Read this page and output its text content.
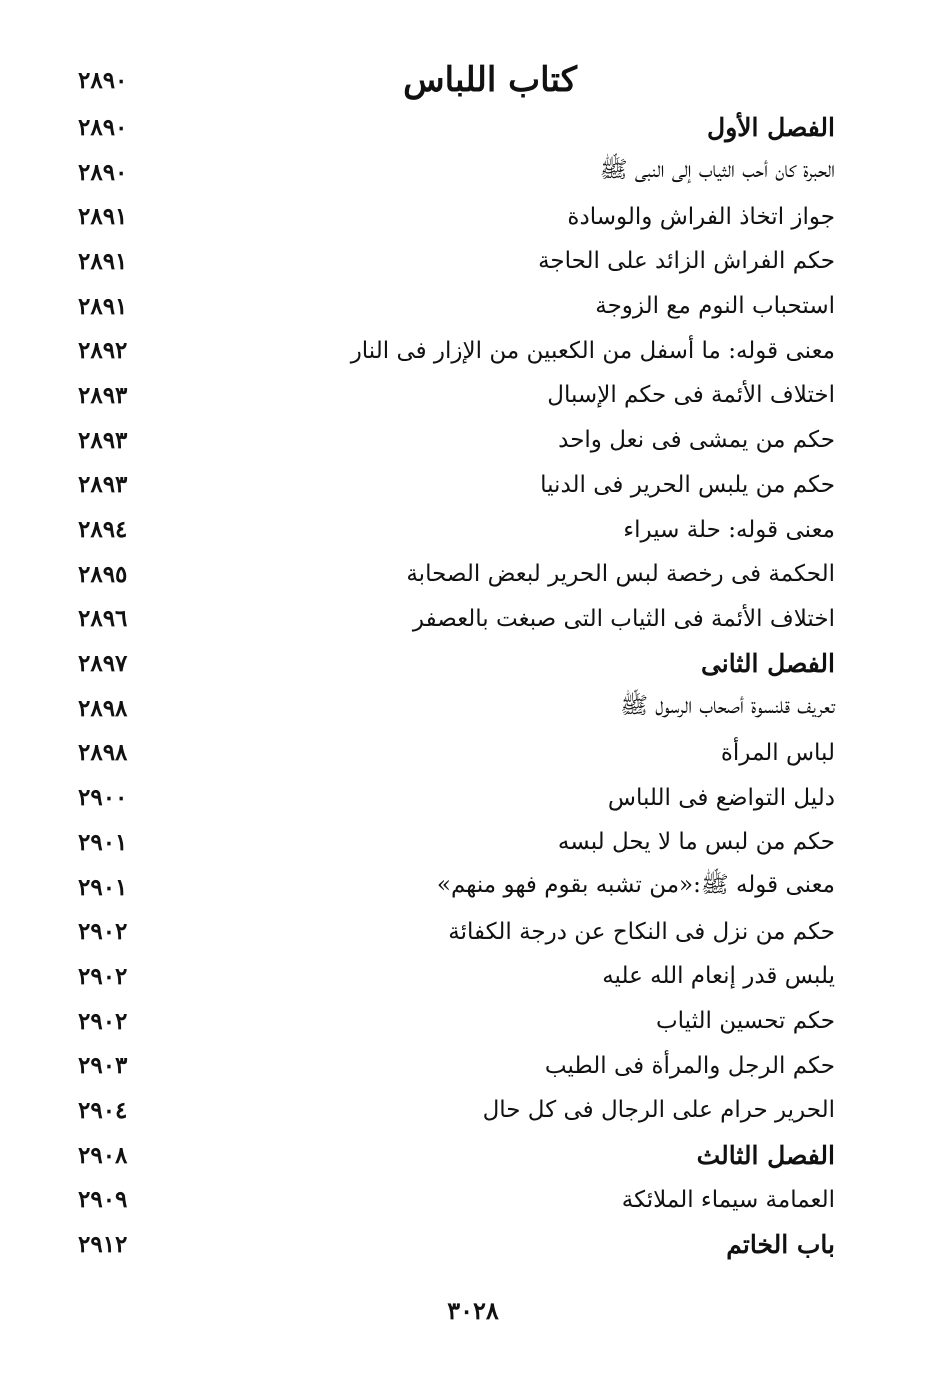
٢٨٩٠	كتاب اللباس
٢٨٩٠	الفصل الأول
٢٨٩٠	الحبرة كان أحب الثياب إلى النبى ﷺ
٢٨٩١	جواز اتخاذ الفراش والوسادة
٢٨٩١	حكم الفراش الزائد على الحاجة
٢٨٩١	استحباب النوم مع الزوجة
٢٨٩٢	معنى قوله: ما أسفل من الكعبين من الإزار فى النار
٢٨٩٣	اختلاف الأئمة فى حكم الإسبال
٢٨٩٣	حكم من يمشى فى نعل واحد
٢٨٩٣	حكم من يلبس الحرير فى الدنيا
٢٨٩٤	معنى قوله: حلة سيراء
٢٨٩٥	الحكمة فى رخصة لبس الحرير لبعض الصحابة
٢٨٩٦	اختلاف الأئمة فى الثياب التى صبغت بالعصفر
٢٨٩٧	الفصل الثانى
٢٨٩٨	تعريف قلنسوة أصحاب الرسول ﷺ
٢٨٩٨	لباس المرأة
٢٩٠٠	دليل التواضع فى اللباس
٢٩٠١	حكم من لبس ما لا يحل لبسه
٢٩٠١	معنى قوله ﷺ:«من تشبه بقوم فهو منهم»
٢٩٠٢	حكم من نزل فى النكاح عن درجة الكفائة
٢٩٠٢	يلبس قدر إنعام الله عليه
٢٩٠٢	حكم تحسين الثياب
٢٩٠٣	حكم الرجل والمرأة فى الطيب
٢٩٠٤	الحرير حرام على الرجال فى كل حال
٢٩٠٨	الفصل الثالث
٢٩٠٩	العمامة سيماء الملائكة
٢٩١٢	باب الخاتم
٣٠٢٨
